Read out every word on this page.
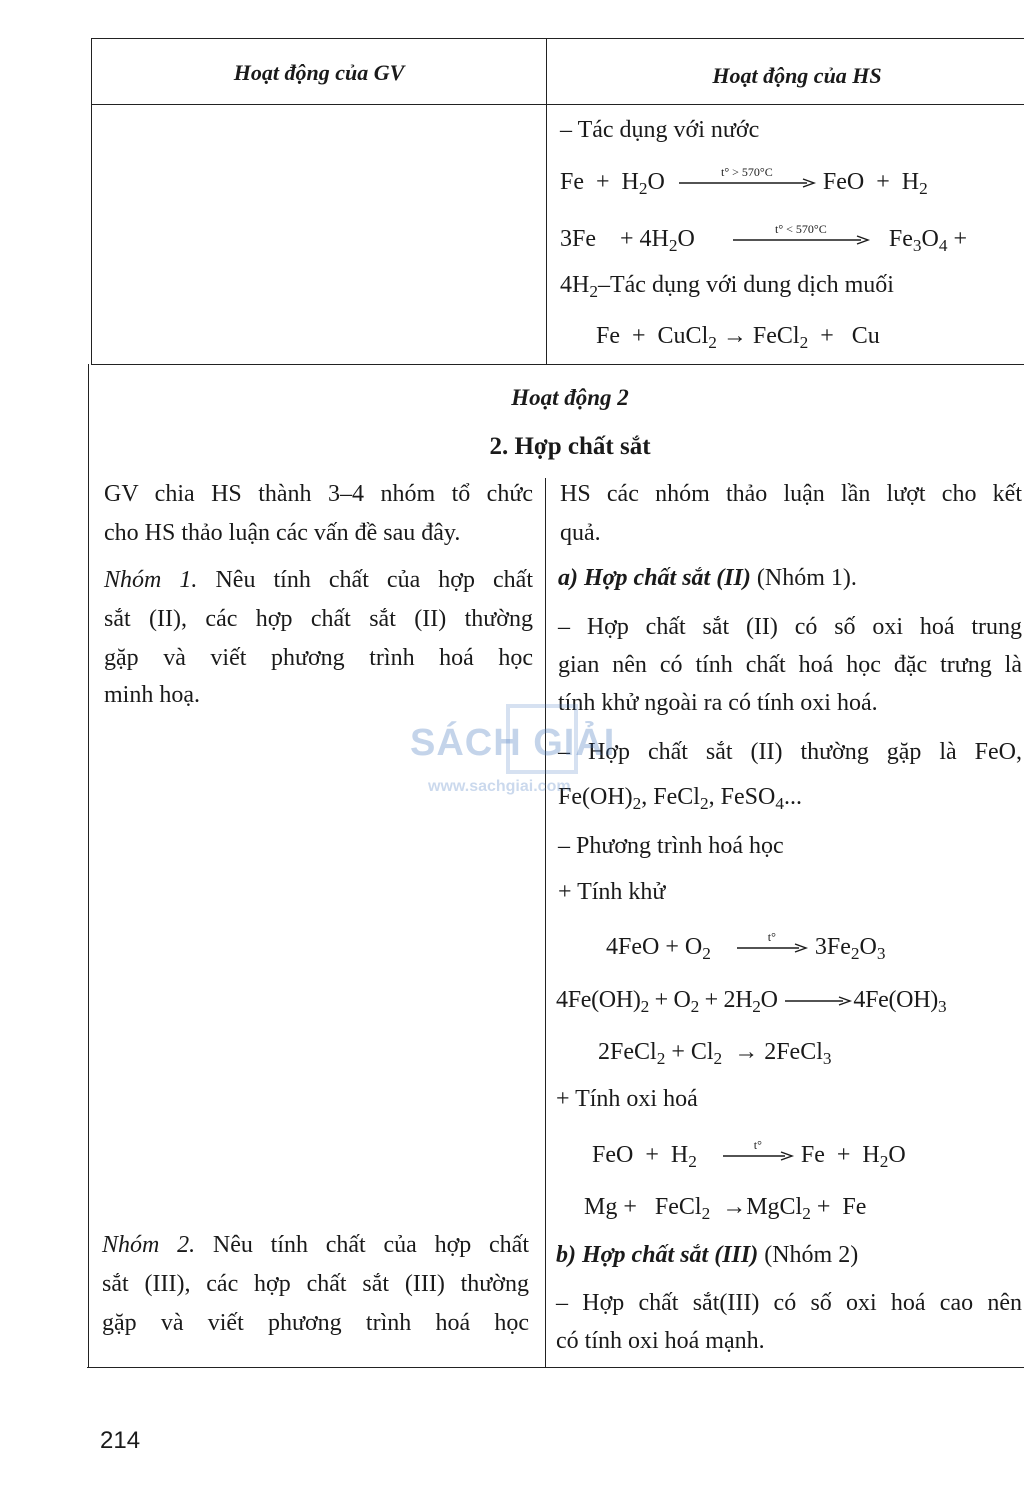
Hoạt động của GV	Hoạt động của HS
– Tác dụng với nước
$Fe + H_2O$	t° > 570°C	FeO + $H_2$
$3Fe + 4H_2O$	t° < 570°C	$Fe_3O_4$ +
$4H_2$–Tác dụng với dung dịch muối
Fe + CuCl$_2$ → FeCl$_2$ + Cu
Hoạt động 2
2. Hợp chất sắt
GV chia HS thành 3–4 nhóm tổ chức
cho HS thảo luận các vấn đề sau đây.
Nhóm 1. Nêu tính chất của hợp chất
sắt (II), các hợp chất sắt (II) thường
gặp và viết phương trình hoá học
minh hoạ.
Nhóm 2. Nêu tính chất của hợp chất
sắt (III), các hợp chất sắt (III) thường
gặp và viết phương trình hoá học
HS các nhóm thảo luận lần lượt cho kết
quả.
a) Hợp chất sắt (II) (Nhóm 1).
– Hợp chất sắt (II) có số oxi hoá trung
gian nên có tính chất hoá học đặc trưng là
tính khử ngoài ra có tính oxi hoá.
– Hợp chất sắt (II) thường gặp là FeO,
$Fe(OH)_2$, FeCl$_2$, FeSO$_4$...
– Phương trình hoá học
+ Tính khử
$4FeO + O_2$
t°	$3Fe_2O_3$
$4Fe(OH)_2 + O_2 + 2H_2O \to 4Fe(OH)_3$
2FeCl$_2$ + $Cl_2$ → 2FeCl$_3$
+ Tính oxi hoá
FeO + $H_2$
t°	$Fe + H_2O$
Mg + FeCl$_2$ →MgCl$_2$ + Fe
b) Hợp chất sắt (III) (Nhóm 2)
– Hợp chất sắt(III) có số oxi hoá cao nên
có tính oxi hoá mạnh.
SÁCH GIẢI
www.sachgiai.com
214
